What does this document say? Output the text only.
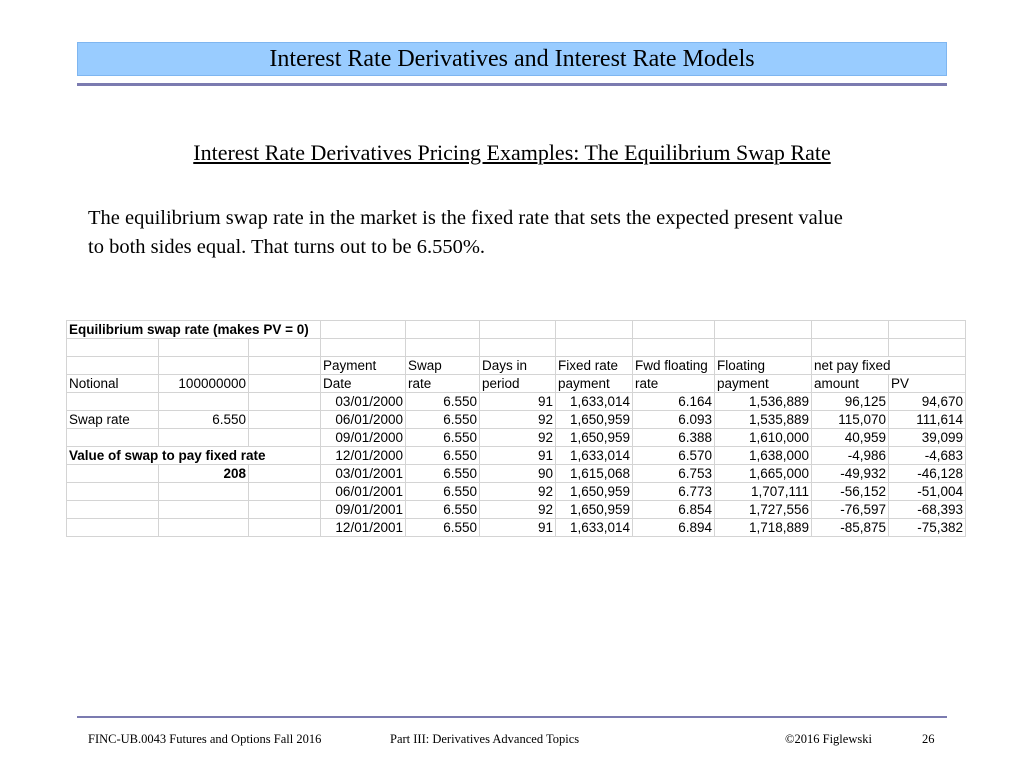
Interest Rate Derivatives and Interest Rate Models
Interest Rate Derivatives Pricing Examples: The Equilibrium Swap Rate
The equilibrium swap rate in the market is the fixed rate that sets the expected present value
to both sides equal. That turns out to be 6.550%.
Equilibrium swap rate (makes PV = 0)										

			Payment	Swap	Days in	Fixed rate	Fwd floating	Floating	net pay fixed	
Notional	100000000		Date	rate	period	payment	rate	payment	amount	PV
			03/01/2000	6.550	91	1,633,014	6.164	1,536,889	96,125	94,670
Swap rate	6.550		06/01/2000	6.550	92	1,650,959	6.093	1,535,889	115,070	111,614
			09/01/2000	6.550	92	1,650,959	6.388	1,610,000	40,959	39,099
Value of swap to pay fixed rate			12/01/2000	6.550	91	1,633,014	6.570	1,638,000	-4,986	-4,683
	208		03/01/2001	6.550	90	1,615,068	6.753	1,665,000	-49,932	-46,128
			06/01/2001	6.550	92	1,650,959	6.773	1,707,111	-56,152	-51,004
			09/01/2001	6.550	92	1,650,959	6.854	1,727,556	-76,597	-68,393
			12/01/2001	6.550	91	1,633,014	6.894	1,718,889	-85,875	-75,382
FINC-UB.0043 Futures and Options Fall 2016	Part III: Derivatives Advanced Topics	©2016 Figlewski	26
